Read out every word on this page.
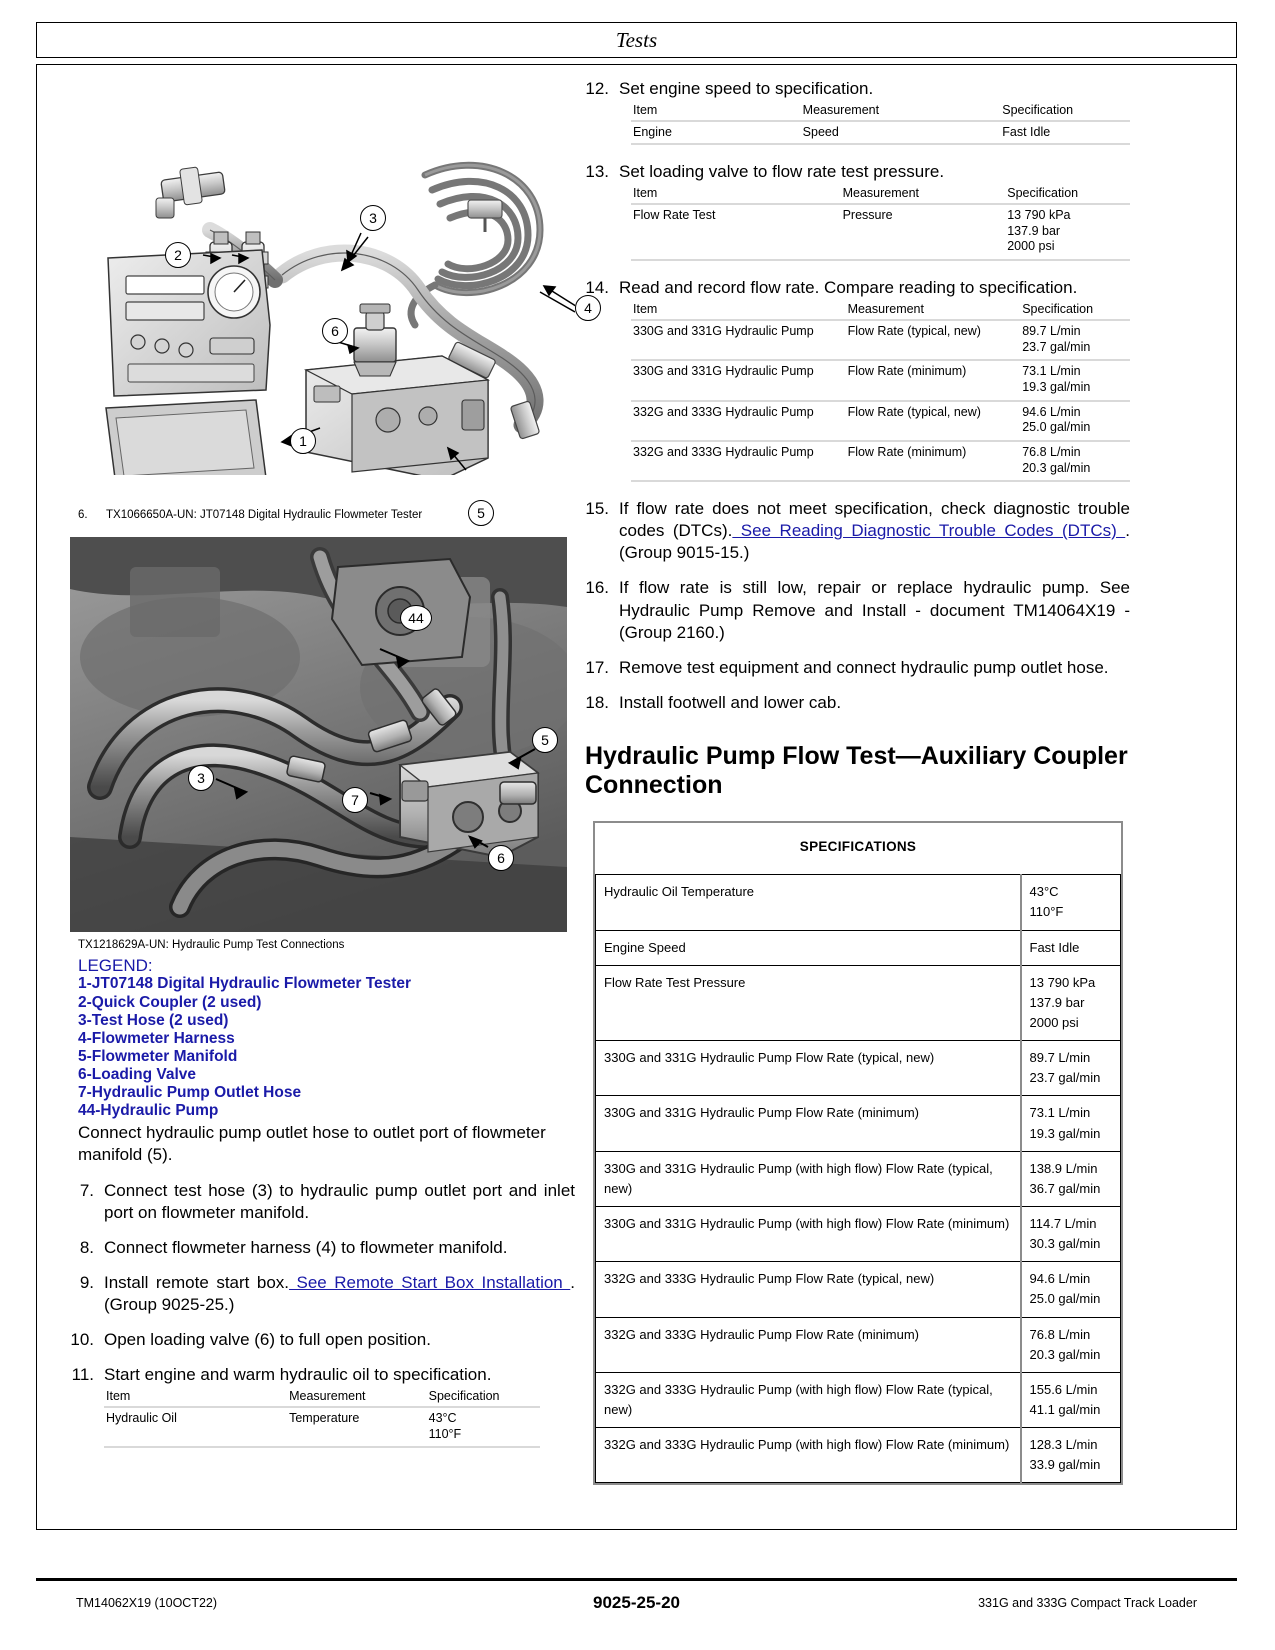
Tests
3
2
4
6
1
5
6.	TX1066650A-UN: JT07148 Digital Hydraulic Flowmeter Tester
44
3
5
7
6
TX1218629A-UN: Hydraulic Pump Test Connections
LEGEND:
1-JT07148 Digital Hydraulic Flowmeter Tester
2-Quick Coupler (2 used)
3-Test Hose (2 used)
4-Flowmeter Harness
5-Flowmeter Manifold
6-Loading Valve
7-Hydraulic Pump Outlet Hose
44-Hydraulic Pump
Connect hydraulic pump outlet hose to outlet port of flowmeter manifold (5).
7. Connect test hose (3) to hydraulic pump outlet port and inlet port on flowmeter manifold.
8. Connect flowmeter harness (4) to flowmeter manifold.
9. Install remote start box. See Remote Start Box Installation . (Group 9025-25.)
10. Open loading valve (6) to full open position.
11. Start engine and warm hydraulic oil to specification.
Item	Measurement	Specification
Hydraulic Oil	Temperature	43°C
110°F
12. Set engine speed to specification.
Item	Measurement	Specification
Engine	Speed	Fast Idle
13. Set loading valve to flow rate test pressure.
Item	Measurement	Specification
Flow Rate Test	Pressure	13 790 kPa
137.9 bar
2000 psi
14. Read and record flow rate. Compare reading to specification.
Item	Measurement	Specification
330G and 331G Hydraulic Pump	Flow Rate (typical, new)	89.7 L/min
23.7 gal/min

330G and 331G Hydraulic Pump	Flow Rate (minimum)	73.1 L/min
19.3 gal/min

332G and 333G Hydraulic Pump	Flow Rate (typical, new)	94.6 L/min
25.0 gal/min

332G and 333G Hydraulic Pump	Flow Rate (minimum)	76.8 L/min
20.3 gal/min
15. If flow rate does not meet specification, check diagnostic trouble codes (DTCs). See Reading Diagnostic Trouble Codes (DTCs) . (Group 9015-15.)
16. If flow rate is still low, repair or replace hydraulic pump. See Hydraulic Pump Remove and Install - document TM14064X19 - (Group 2160.)
17. Remove test equipment and connect hydraulic pump outlet hose.
18. Install footwell and lower cab.
Hydraulic Pump Flow Test—Auxiliary Coupler Connection
SPECIFICATIONS	
Hydraulic Oil Temperature	43°C
110°F

Engine Speed	Fast Idle
Flow Rate Test Pressure	13 790 kPa
137.9 bar
2000 psi

330G and 331G Hydraulic Pump Flow Rate (typical, new)	89.7 L/min
23.7 gal/min

330G and 331G Hydraulic Pump Flow Rate (minimum)	73.1 L/min
19.3 gal/min

330G and 331G Hydraulic Pump (with high flow) Flow Rate (typical, new)	138.9 L/min
36.7 gal/min

330G and 331G Hydraulic Pump (with high flow) Flow Rate (minimum)	114.7 L/min
30.3 gal/min

332G and 333G Hydraulic Pump Flow Rate (typical, new)	94.6 L/min
25.0 gal/min

332G and 333G Hydraulic Pump Flow Rate (minimum)	76.8 L/min
20.3 gal/min

332G and 333G Hydraulic Pump (with high flow) Flow Rate (typical, new)	155.6 L/min
41.1 gal/min

332G and 333G Hydraulic Pump (with high flow) Flow Rate (minimum)	128.3 L/min
33.9 gal/min
TM14062X19 (10OCT22)	9025-25-20	331G and 333G Compact Track Loader
